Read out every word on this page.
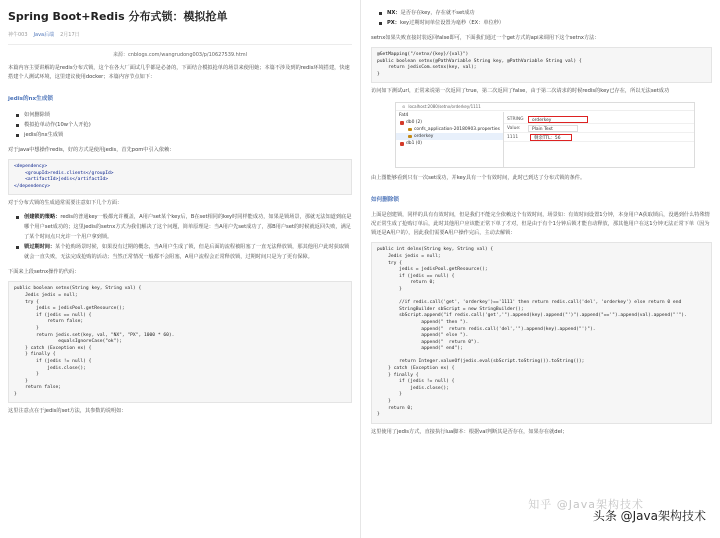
Spring Boot+Redis 分布式锁：模拟抢单
神牛003 Java后端 2月17日
来源：cnblogs.com/wangrudong003/p/10627539.html

本篇内容主要讲解的是redis分布式锁，这个在各大厂面试几乎都是必备的，下面结合模拟抢单的场景来使用她；本篇不涉及到的redis环境搭建，快速搭建个人测试环境，这里建议使用docker；本篇内容节点如下：

jedis的nx生成锁
如何删除锁
模拟抢单动作(10w个人开抢)
jedis的nx生成锁

对于java中想操作redis，好的方式是使用jedis，首先pom中引入依赖：

<dependency>
<groupId>redis.clients</groupId>
<artifactId>jedis</artifactId>
</dependency>

对于分布式锁的生成通常需要注意如下几个方面：

创建锁的策略：redis的普通key一般都允许覆盖，A用户set某个key后，B在set相同的key时同样能成功，如果是锁场景，那就无法知道到底是哪个用户set成功的；这里jedis的setnx方式为我们解决了这个问题，简单原理是：当A用户先set成功了，那B用户set的时候就返回失败，满足了某个时间点只允许一个用户拿到锁。
锁过期时间：某个抢购场景时候，如果没有过期的概念，当A用户生成了锁，但是后面的流程被阻塞了一直无法释放锁，那其他用户此时获取锁就会一直失败，无法完成抢购的活动；当然正常情况一般都不会阻塞，A用户流程会正常释放锁，过期时间只是为了更有保障。

下面来上段setnx操作的代码：

public boolean setnx(String key, String val) {
Jedis jedis = null;
try {
jedis = jedisPool.getResource();
if (jedis == null) {
return false;
}
return jedis.set(key, val, "NX", "PX", 1000 * 60).
equalsIgnoreCase("ok");
} catch (Exception ex) {
} finally {
if (jedis != null) {
jedis.close();
}
}
return false;
}

这里注意点在于jedis的set方法，其参数的说明如：

NX：是否存在key，存在就不set成功
PX：key过期时间单位设置为毫秒（EX：单位秒）

setnx如果失败直接封装返回false即可，下面我们通过一个get方式的api来调用下这个setnx方法：

@GetMapping("/setnx/{key}/{val}")
public boolean setnx(@PathVariable String key, @PathVariable String val) {
return jedisCom.setnx(key, val);
}

访问如下测试url，正常来说第一次返回了true，第二次返回了false，由于第二次请求的时候redis的key已存在，所以无法set成功

⊙ localhost:2080/setnx/orderkey/1111
Fat4
db0 (2)
confs_application-20180903.properties
orderkey
db1 (0)
STRING	orderkey
Value:	Plain Text
1111	剩余TTL：56

由上图能够看到只有一次set成功，并key具有一个有效时间，此时已到达了分布式锁的条件。

如何删除锁

上面是创建锁，同样的具有有效时间，但是我们不能完全依赖这个有效时间，场景如：有效时间设置1分钟，本身用户A获取锁后，没遇到什么特殊情况正常生成了抢购订单后，此时其他用户应该能正常下单了才对，但是由于有个1分钟后锁才能自动释放，那其他用户在这1分钟无法正常下单（因为锁还是A用户的），因此我们需要A用户操作完后，主动去解锁：

public int delnx(String key, String val) {
Jedis jedis = null;
try {
jedis = jedisPool.getResource();
if (jedis == null) {
return 0;
}

//if redis.call('get', 'orderkey')=='1111' then return redis.call('del', 'orderkey') else return 0 end
StringBuilder sbScript = new StringBuilder();
sbScript.append("if redis.call('get','").append(key).append("')").append("=='").append(val).append("'").
append(" then ").
append("  return redis.call('del','").append(key).append("')").
append(" else ").
append("  return 0").
append(" end");

return Integer.valueOf(jedis.eval(sbScript.toString()).toString());
} catch (Exception ex) {
} finally {
if (jedis != null) {
jedis.close();
}
}
return 0;
}

这里使用了jedis方式，直接执行lua脚本：根据val判断其是否存在，如果存在就del；

知乎 @Java架构技术
头条 @Java架构技术
